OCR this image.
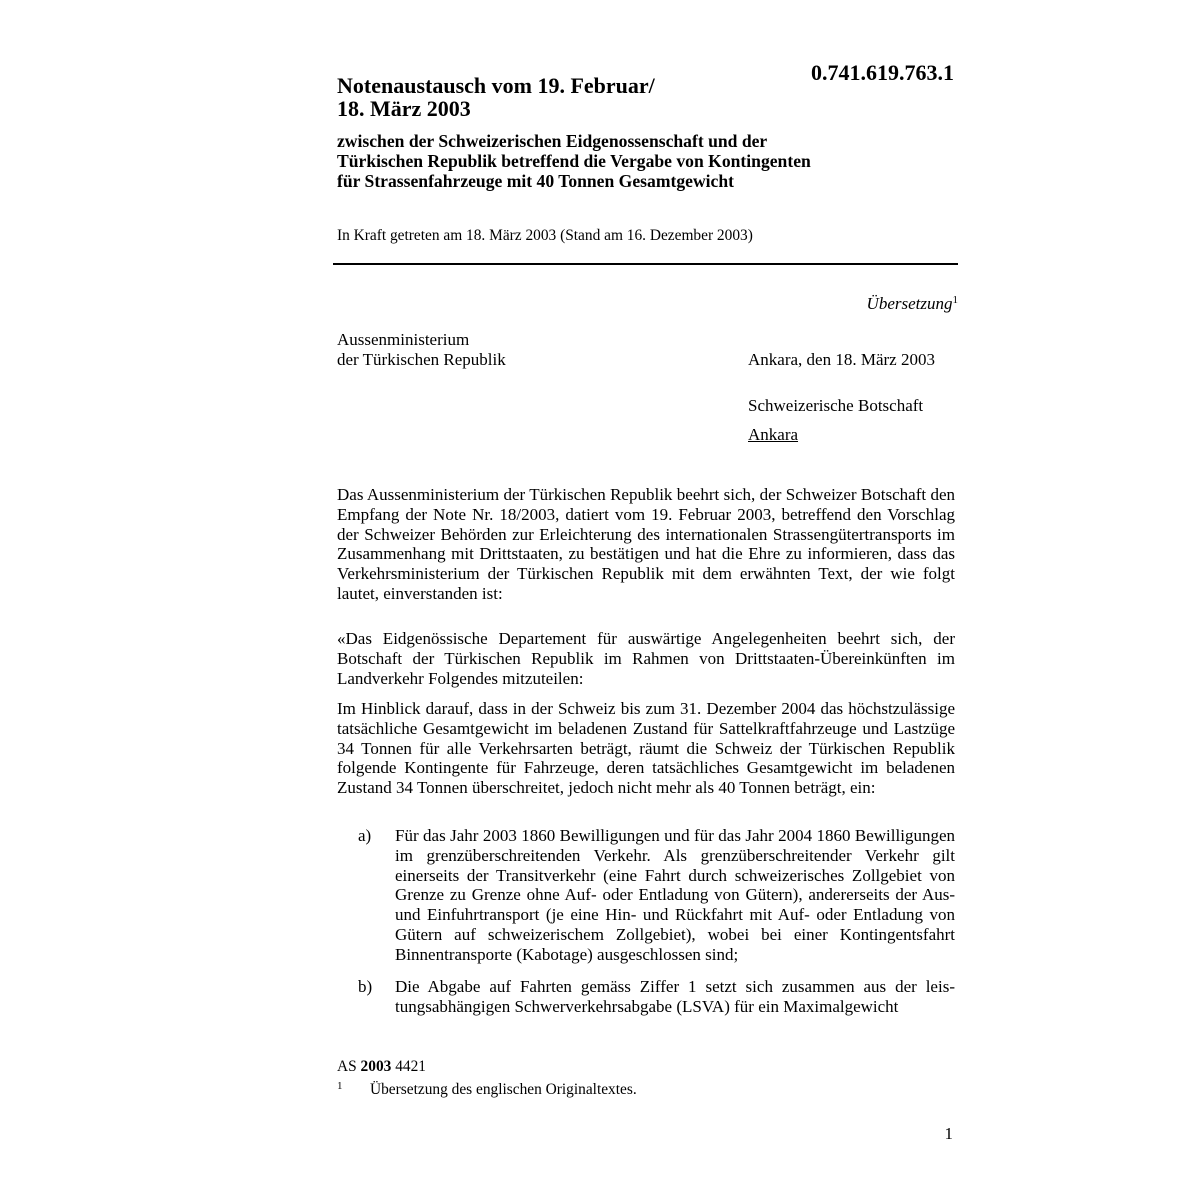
0.741.619.763.1
Notenaustausch vom 19. Februar/
18. März 2003
zwischen der Schweizerischen Eidgenossenschaft und der
Türkischen Republik betreffend die Vergabe von Kontingenten
für Strassenfahrzeuge mit 40 Tonnen Gesamtgewicht
In Kraft getreten am 18. März 2003 (Stand am 16. Dezember 2003)
Übersetzung$^1$
Aussenministerium
der Türkischen Republik	Ankara, den 18. März 2003
Schweizerische Botschaft
Ankara
Das Aussenministerium der Türkischen Republik beehrt sich, der Schweizer Botschaft den Empfang der Note Nr. 18/2003, datiert vom 19. Februar 2003, betreffend den Vorschlag der Schweizer Behörden zur Erleichterung des internationalen Strassengütertransports im Zusammenhang mit Drittstaaten, zu bestätigen und hat die Ehre zu informieren, dass das Verkehrsministerium der Türkischen Republik mit dem erwähnten Text, der wie folgt lautet, einverstanden ist:
«Das Eidgenössische Departement für auswärtige Angelegenheiten beehrt sich, der Botschaft der Türkischen Republik im Rahmen von Drittstaaten-Übereinkünften im Landverkehr Folgendes mitzuteilen:
Im Hinblick darauf, dass in der Schweiz bis zum 31. Dezember 2004 das höchstzulässige tatsächliche Gesamtgewicht im beladenen Zustand für Sattelkraftfahrzeuge und Lastzüge 34 Tonnen für alle Verkehrsarten beträgt, räumt die Schweiz der Türkischen Republik folgende Kontingente für Fahrzeuge, deren tatsächliches Gesamtgewicht im beladenen Zustand 34 Tonnen überschreitet, jedoch nicht mehr als 40 Tonnen beträgt, ein:
a) Für das Jahr 2003 1860 Bewilligungen und für das Jahr 2004 1860 Bewilligungen im grenzüberschreitenden Verkehr. Als grenzüberschreitender Verkehr gilt einerseits der Transitverkehr (eine Fahrt durch schweizerisches Zollgebiet von Grenze zu Grenze ohne Auf- oder Entladung von Gütern), andererseits der Aus- und Einfuhrtransport (je eine Hin- und Rückfahrt mit Auf- oder Entladung von Gütern auf schweizerischem Zollgebiet), wobei bei einer Kontingentsfahrt Binnentransporte (Kabotage) ausgeschlossen sind;
b) Die Abgabe auf Fahrten gemäss Ziffer 1 setzt sich zusammen aus der leistungsabhängigen Schwerverkehrsabgabe (LSVA) für ein Maximalgewicht
AS 2003 4421
1 Übersetzung des englischen Originaltextes.
1
